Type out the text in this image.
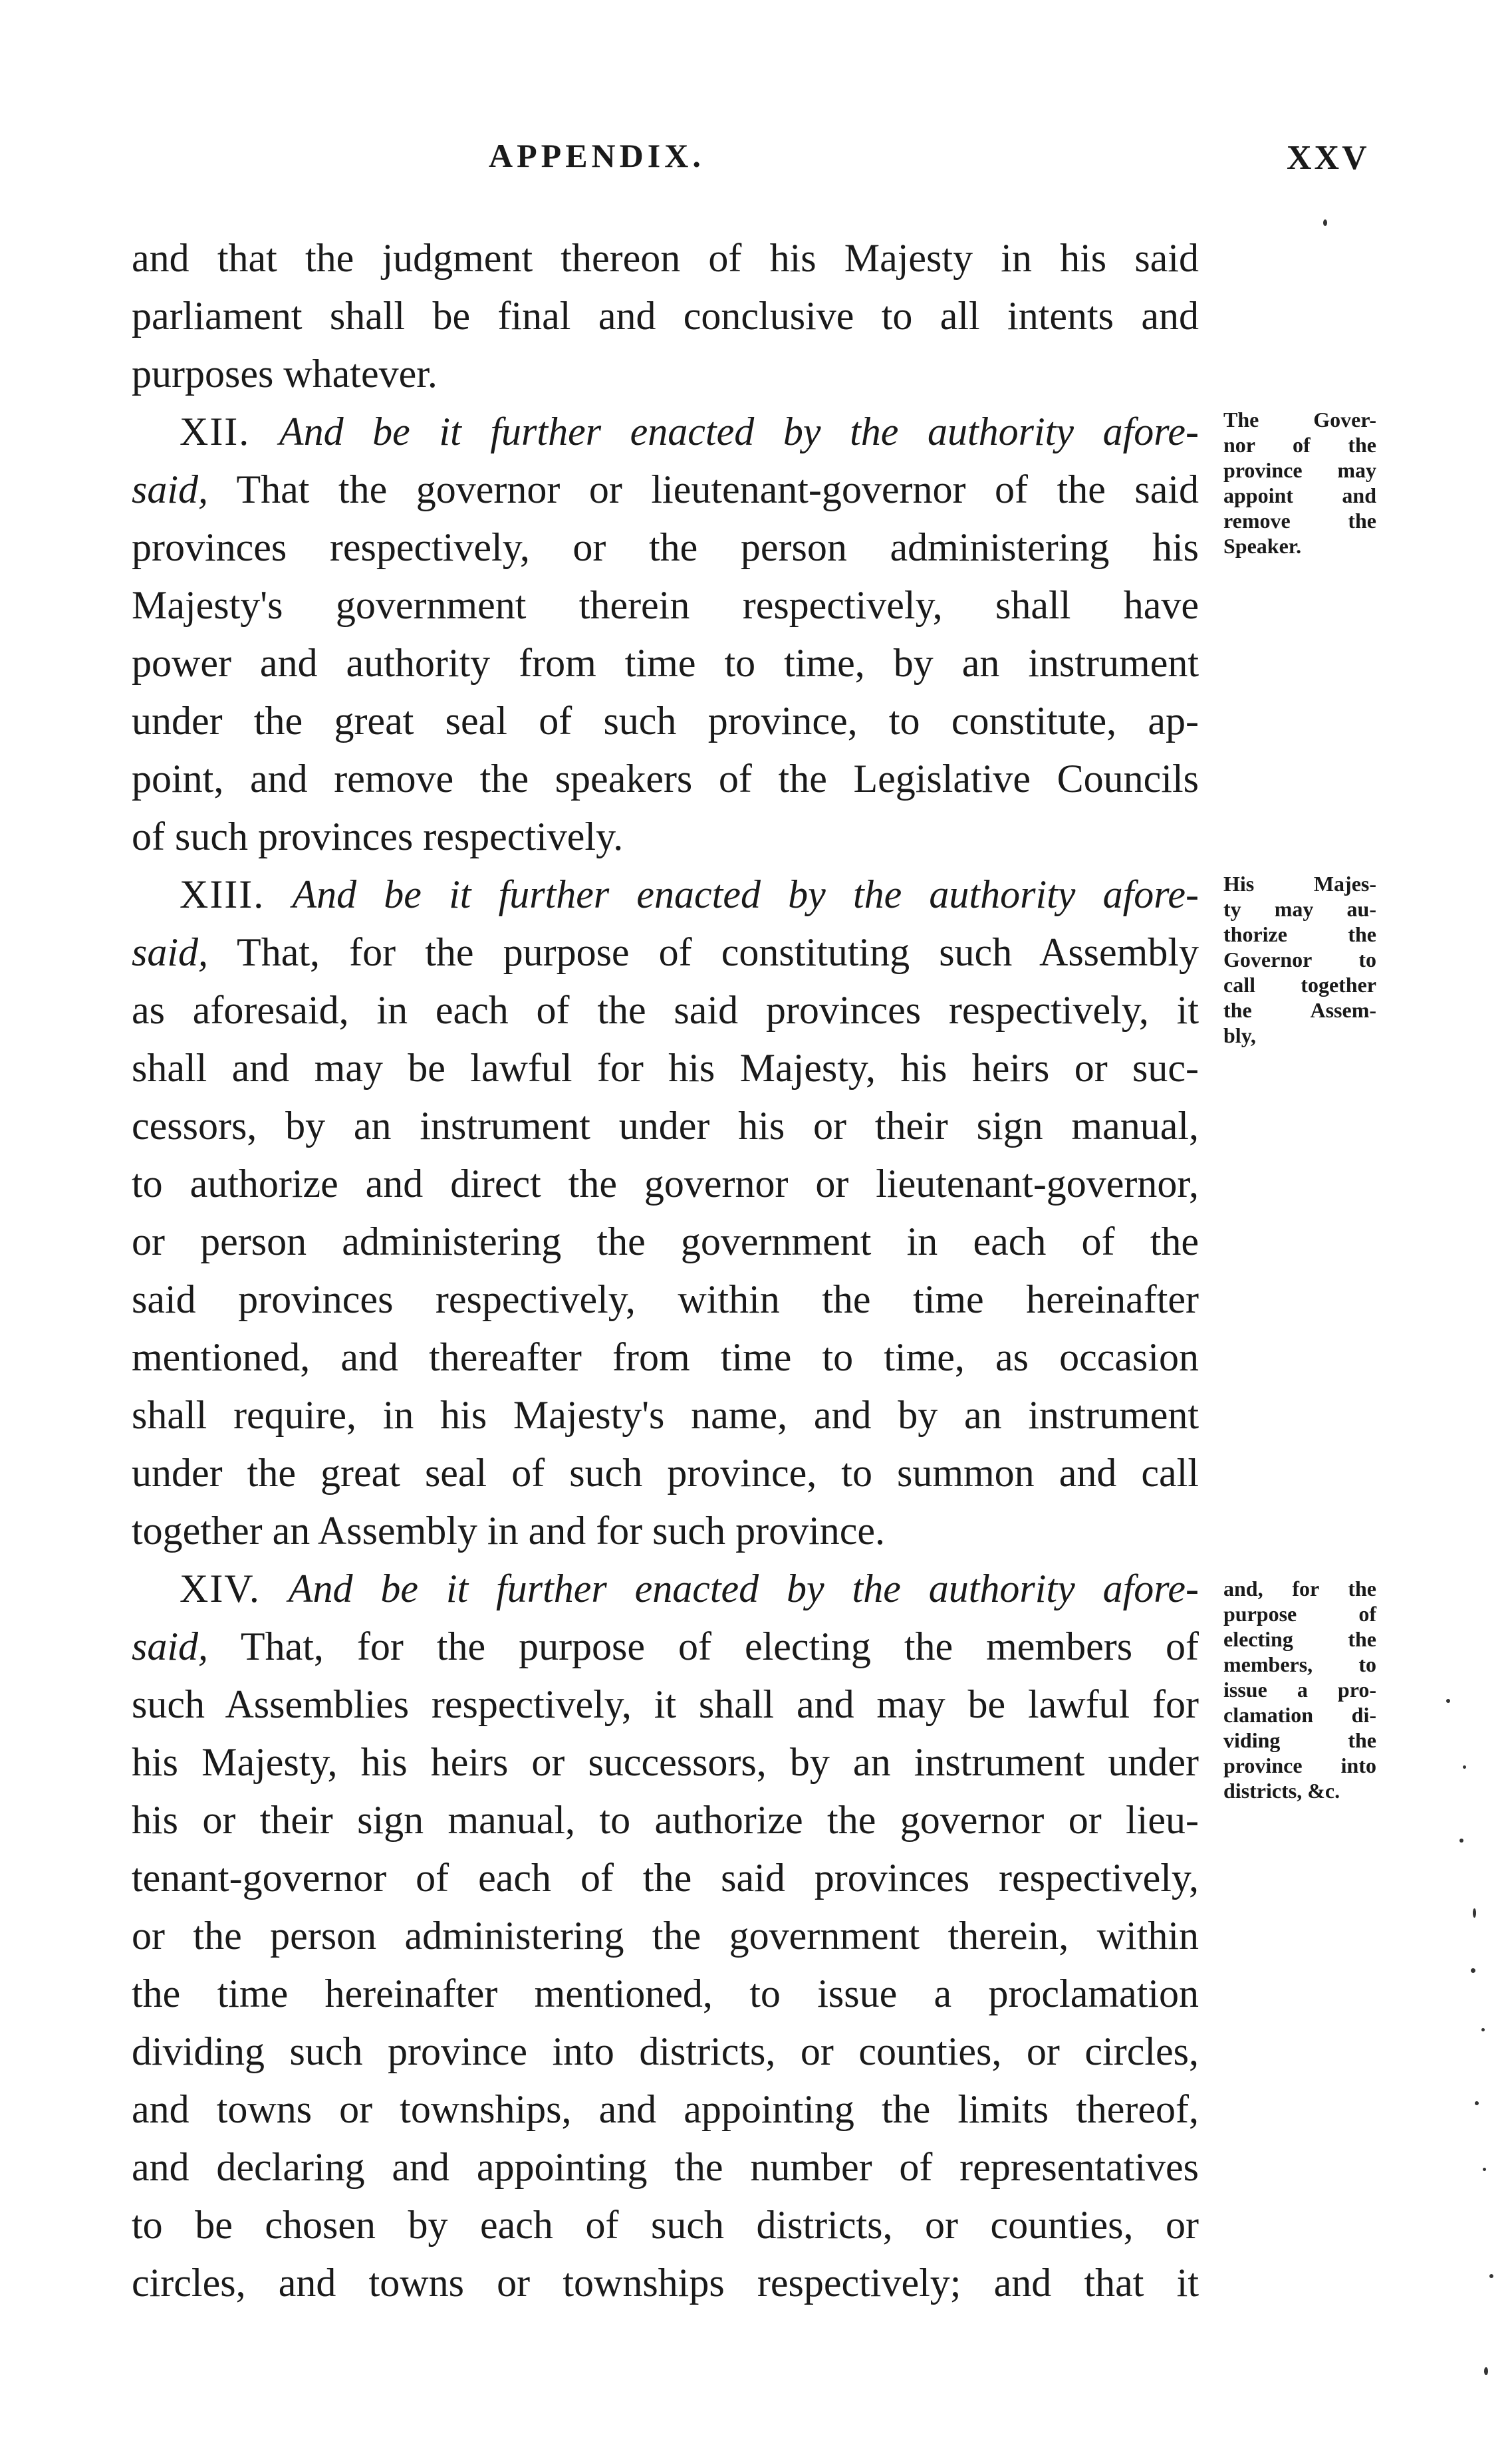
APPENDIX.	XXV
and that the judgment thereon of his Majesty in his said
parliament shall be final and conclusive to all intents and
purposes whatever.
XII. And be it further enacted by the authority afore-
said, That the governor or lieutenant-governor of the said
provinces respectively, or the person administering his
Majesty's government therein respectively, shall have
power and authority from time to time, by an instrument
under the great seal of such province, to constitute, ap-
point, and remove the speakers of the Legislative Councils
of such provinces respectively.
XIII. And be it further enacted by the authority afore-
said, That, for the purpose of constituting such Assembly
as aforesaid, in each of the said provinces respectively, it
shall and may be lawful for his Majesty, his heirs or suc-
cessors, by an instrument under his or their sign manual,
to authorize and direct the governor or lieutenant-governor,
or person administering the government in each of the
said provinces respectively, within the time hereinafter
mentioned, and thereafter from time to time, as occasion
shall require, in his Majesty's name, and by an instrument
under the great seal of such province, to summon and call
together an Assembly in and for such province.
XIV. And be it further enacted by the authority afore-
said, That, for the purpose of electing the members of
such Assemblies respectively, it shall and may be lawful for
his Majesty, his heirs or successors, by an instrument under
his or their sign manual, to authorize the governor or lieu-
tenant-governor of each of the said provinces respectively,
or the person administering the government therein, within
the time hereinafter mentioned, to issue a proclamation
dividing such province into districts, or counties, or circles,
and towns or townships, and appointing the limits thereof,
and declaring and appointing the number of representatives
to be chosen by each of such districts, or counties, or
circles, and towns or townships respectively; and that it
The Gover-
nor of the
province may
appoint and
remove the
Speaker.
His Majes-
ty may au-
thorize the
Governor to
call together
the Assem-
bly,
and, for the
purpose of
electing the
members, to
issue a pro-
clamation di-
viding the
province into
districts, &c.
